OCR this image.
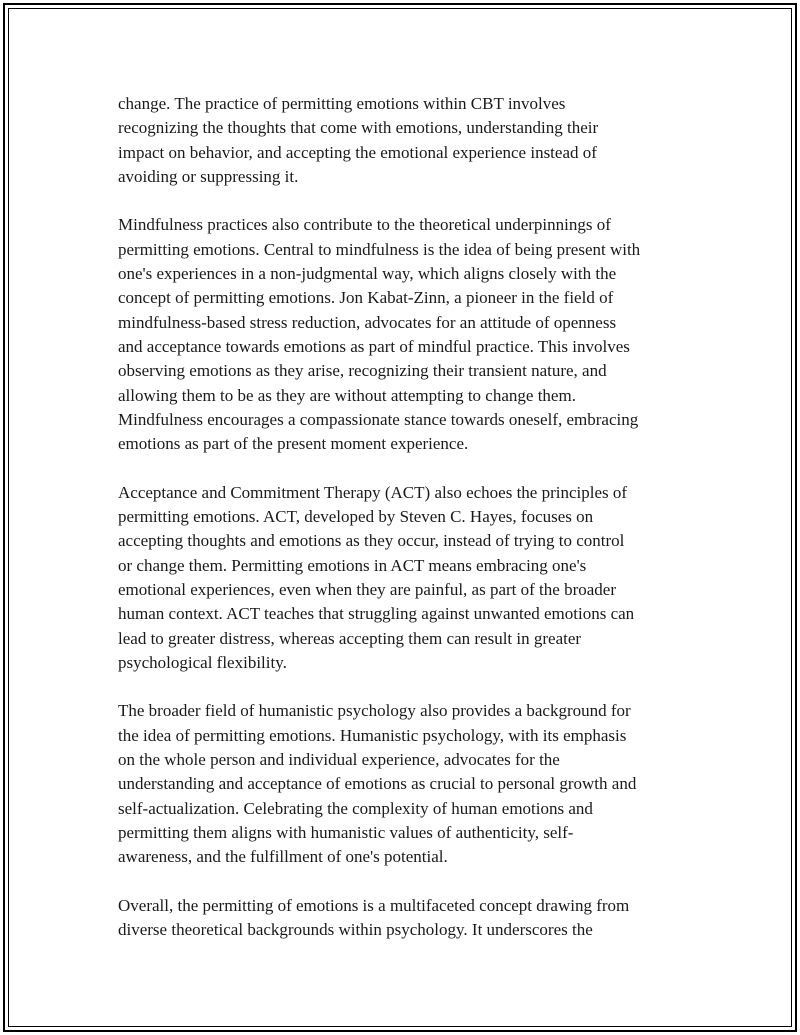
change. The practice of permitting emotions within CBT involves
recognizing the thoughts that come with emotions, understanding their
impact on behavior, and accepting the emotional experience instead of
avoiding or suppressing it.

Mindfulness practices also contribute to the theoretical underpinnings of
permitting emotions. Central to mindfulness is the idea of being present with
one's experiences in a non-judgmental way, which aligns closely with the
concept of permitting emotions. Jon Kabat-Zinn, a pioneer in the field of
mindfulness-based stress reduction, advocates for an attitude of openness
and acceptance towards emotions as part of mindful practice. This involves
observing emotions as they arise, recognizing their transient nature, and
allowing them to be as they are without attempting to change them.
Mindfulness encourages a compassionate stance towards oneself, embracing
emotions as part of the present moment experience.

Acceptance and Commitment Therapy (ACT) also echoes the principles of
permitting emotions. ACT, developed by Steven C. Hayes, focuses on
accepting thoughts and emotions as they occur, instead of trying to control
or change them. Permitting emotions in ACT means embracing one's
emotional experiences, even when they are painful, as part of the broader
human context. ACT teaches that struggling against unwanted emotions can
lead to greater distress, whereas accepting them can result in greater
psychological flexibility.

The broader field of humanistic psychology also provides a background for
the idea of permitting emotions. Humanistic psychology, with its emphasis
on the whole person and individual experience, advocates for the
understanding and acceptance of emotions as crucial to personal growth and
self-actualization. Celebrating the complexity of human emotions and
permitting them aligns with humanistic values of authenticity, self-
awareness, and the fulfillment of one's potential.

Overall, the permitting of emotions is a multifaceted concept drawing from
diverse theoretical backgrounds within psychology. It underscores the
